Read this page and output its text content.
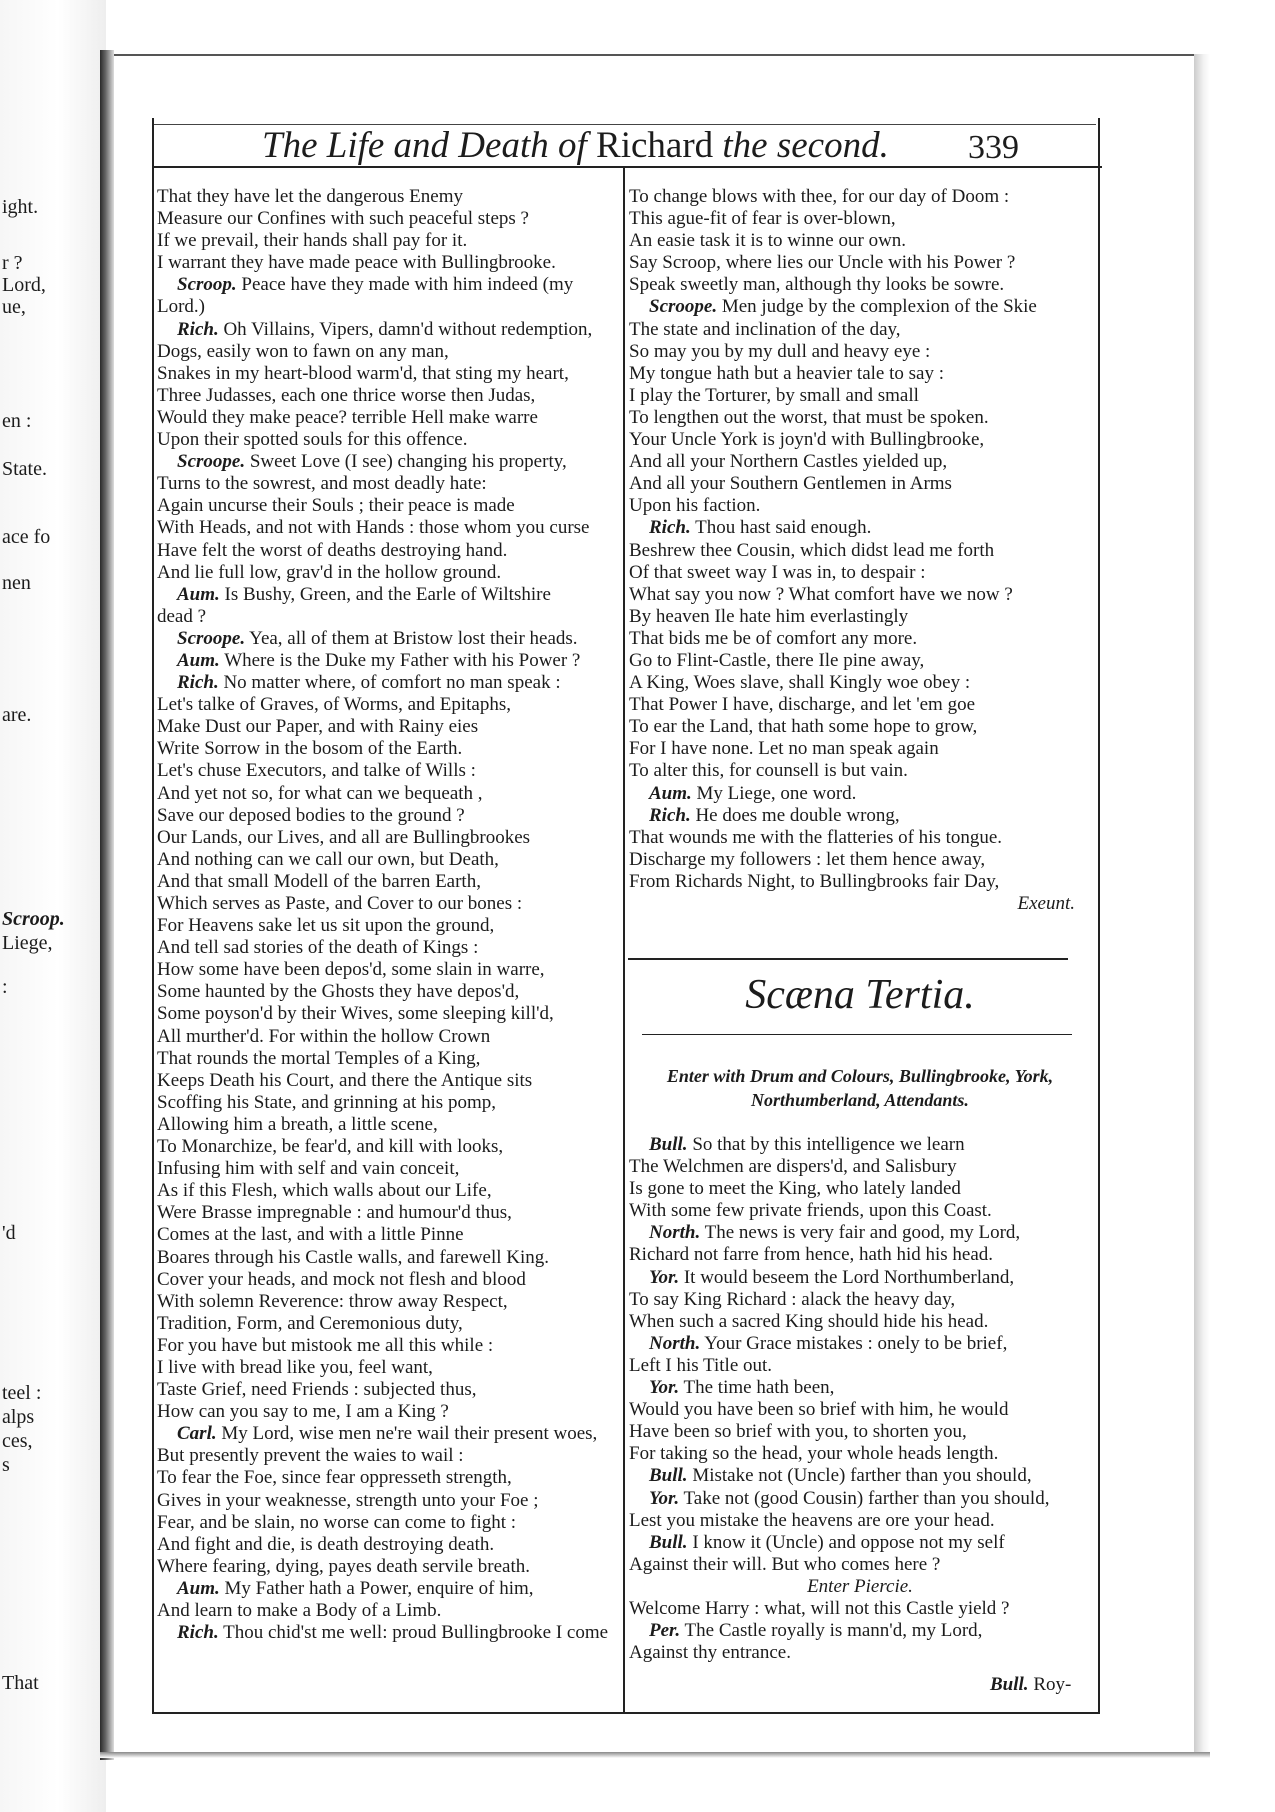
ight.
r ?
Lord,
ue,
en :
State.
ace fo
nen
are.
Scroop.
Liege,
:
'd
teel :
alps
ces,
s
That
The Life and Death of Richard the second.	339
That they have let the dangerous Enemy
Measure our Confines with such peaceful steps ?
If we prevail, their hands shall pay for it.
I warrant they have made peace with Bullingbrooke.
Scroop. Peace have they made with him indeed (my
Lord.)
Rich. Oh Villains, Vipers, damn'd without redemption,
Dogs, easily won to fawn on any man,
Snakes in my heart-blood warm'd, that sting my heart,
Three Judasses, each one thrice worse then Judas,
Would they make peace? terrible Hell make warre
Upon their spotted souls for this offence.
Scroope. Sweet Love (I see) changing his property,
Turns to the sowrest, and most deadly hate:
Again uncurse their Souls ; their peace is made
With Heads, and not with Hands : those whom you curse
Have felt the worst of deaths destroying hand.
And lie full low, grav'd in the hollow ground.
Aum. Is Bushy, Green, and the Earle of Wiltshire
dead ?
Scroope. Yea, all of them at Bristow lost their heads.
Aum. Where is the Duke my Father with his Power ?
Rich. No matter where, of comfort no man speak :
Let's talke of Graves, of Worms, and Epitaphs,
Make Dust our Paper, and with Rainy eies
Write Sorrow in the bosom of the Earth.
Let's chuse Executors, and talke of Wills :
And yet not so, for what can we bequeath ,
Save our deposed bodies to the ground ?
Our Lands, our Lives, and all are Bullingbrookes
And nothing can we call our own, but Death,
And that small Modell of the barren Earth,
Which serves as Paste, and Cover to our bones :
For Heavens sake let us sit upon the ground,
And tell sad stories of the death of Kings :
How some have been depos'd, some slain in warre,
Some haunted by the Ghosts they have depos'd,
Some poyson'd by their Wives, some sleeping kill'd,
All murther'd. For within the hollow Crown
That rounds the mortal Temples of a King,
Keeps Death his Court, and there the Antique sits
Scoffing his State, and grinning at his pomp,
Allowing him a breath, a little scene,
To Monarchize, be fear'd, and kill with looks,
Infusing him with self and vain conceit,
As if this Flesh, which walls about our Life,
Were Brasse impregnable : and humour'd thus,
Comes at the last, and with a little Pinne
Boares through his Castle walls, and farewell King.
Cover your heads, and mock not flesh and blood
With solemn Reverence: throw away Respect,
Tradition, Form, and Ceremonious duty,
For you have but mistook me all this while :
I live with bread like you, feel want,
Taste Grief, need Friends : subjected thus,
How can you say to me, I am a King ?
Carl. My Lord, wise men ne're wail their present woes,
But presently prevent the waies to wail :
To fear the Foe, since fear oppresseth strength,
Gives in your weaknesse, strength unto your Foe ;
Fear, and be slain, no worse can come to fight :
And fight and die, is death destroying death.
Where fearing, dying, payes death servile breath.
Aum. My Father hath a Power, enquire of him,
And learn to make a Body of a Limb.
Rich. Thou chid'st me well: proud Bullingbrooke I come
To change blows with thee, for our day of Doom :
This ague-fit of fear is over-blown,
An easie task it is to winne our own.
Say Scroop, where lies our Uncle with his Power ?
Speak sweetly man, although thy looks be sowre.
Scroope. Men judge by the complexion of the Skie
The state and inclination of the day,
So may you by my dull and heavy eye :
My tongue hath but a heavier tale to say :
I play the Torturer, by small and small
To lengthen out the worst, that must be spoken.
Your Uncle York is joyn'd with Bullingbrooke,
And all your Northern Castles yielded up,
And all your Southern Gentlemen in Arms
Upon his faction.
Rich. Thou hast said enough.
Beshrew thee Cousin, which didst lead me forth
Of that sweet way I was in, to despair :
What say you now ? What comfort have we now ?
By heaven Ile hate him everlastingly
That bids me be of comfort any more.
Go to Flint-Castle, there Ile pine away,
A King, Woes slave, shall Kingly woe obey :
That Power I have, discharge, and let 'em goe
To ear the Land, that hath some hope to grow,
For I have none. Let no man speak again
To alter this, for counsell is but vain.
Aum. My Liege, one word.
Rich. He does me double wrong,
That wounds me with the flatteries of his tongue.
Discharge my followers : let them hence away,
From Richards Night, to Bullingbrooks fair Day,
Exeunt.
Scæna Tertia.
Enter with Drum and Colours, Bullingbrooke, York,
Northumberland, Attendants.
Bull. So that by this intelligence we learn
The Welchmen are dispers'd, and Salisbury
Is gone to meet the King, who lately landed
With some few private friends, upon this Coast.
North. The news is very fair and good, my Lord,
Richard not farre from hence, hath hid his head.
Yor. It would beseem the Lord Northumberland,
To say King Richard : alack the heavy day,
When such a sacred King should hide his head.
North. Your Grace mistakes : onely to be brief,
Left I his Title out.
Yor. The time hath been,
Would you have been so brief with him, he would
Have been so brief with you, to shorten you,
For taking so the head, your whole heads length.
Bull. Mistake not (Uncle) farther than you should,
Yor. Take not (good Cousin) farther than you should,
Lest you mistake the heavens are ore your head.
Bull. I know it (Uncle) and oppose not my self
Against their will. But who comes here ?
Enter Piercie.
Welcome Harry : what, will not this Castle yield ?
Per. The Castle royally is mann'd, my Lord,
Against thy entrance.
Bull. Roy-
